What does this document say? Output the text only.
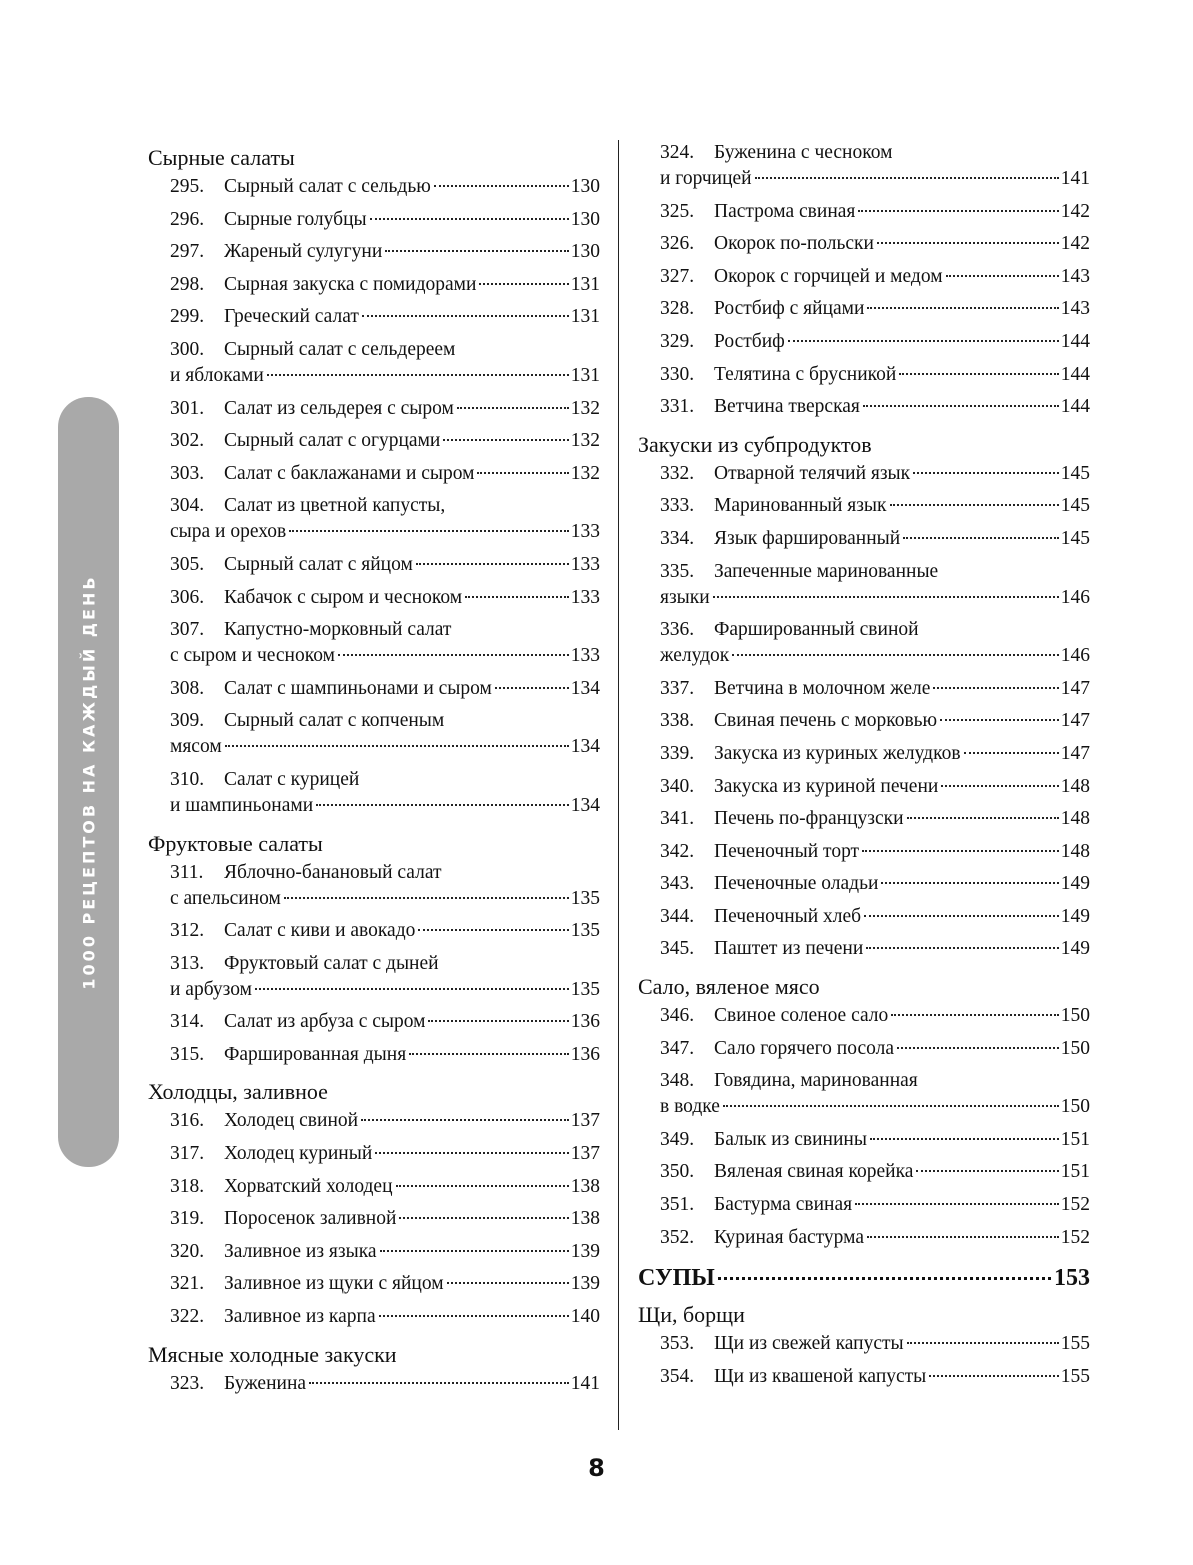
1000 РЕЦЕПТОВ НА КАЖДЫЙ ДЕНЬ
Сырные салаты
295.	Сырный салат с сельдью	130
296.	Сырные голубцы	130
297.	Жареный сулугуни	130
298.	Сырная закуска с помидорами	131
299.	Греческий салат	131
300. Сырный салат с сельдереем
и яблоками	131
301.	Салат из сельдерея с сыром	132
302.	Сырный салат с огурцами	132
303.	Салат с баклажанами и сыром	132
304. Салат из цветной капусты,
сыра и орехов	133
305.	Сырный салат с яйцом	133
306.	Кабачок с сыром и чесноком	133
307. Капустно-морковный салат
с сыром и чесноком	133
308.	Салат с шампиньонами и сыром	134
309. Сырный салат с копченым
мясом	134
310. Салат с курицей
и шампиньонами	134
Фруктовые салаты
311. Яблочно-банановый салат
с апельсином	135
312.	Салат с киви и авокадо	135
313. Фруктовый салат с дыней
и арбузом	135
314.	Салат из арбуза с сыром	136
315.	Фаршированная дыня	136
Холодцы, заливное
316.	Холодец свиной	137
317.	Холодец куриный	137
318.	Хорватский холодец	138
319.	Поросенок заливной	138
320.	Заливное из языка	139
321.	Заливное из щуки с яйцом	139
322.	Заливное из карпа	140
Мясные холодные закуски
323.	Буженина	141
324. Буженина с чесноком
и горчицей	141
325.	Пастрома свиная	142
326.	Окорок по-польски	142
327.	Окорок с горчицей и медом	143
328.	Ростбиф с яйцами	143
329.	Ростбиф	144
330.	Телятина с брусникой	144
331.	Ветчина тверская	144
Закуски из субпродуктов
332.	Отварной телячий язык	145
333.	Маринованный язык	145
334.	Язык фаршированный	145
335. Запеченные маринованные
языки	146
336. Фаршированный свиной
желудок	146
337.	Ветчина в молочном желе	147
338.	Свиная печень с морковью	147
339.	Закуска из куриных желудков	147
340.	Закуска из куриной печени	148
341.	Печень по-французски	148
342.	Печеночный торт	148
343.	Печеночные оладьи	149
344.	Печеночный хлеб	149
345.	Паштет из печени	149
Сало, вяленое мясо
346.	Свиное соленое сало	150
347.	Сало горячего посола	150
348. Говядина, маринованная
в водке	150
349.	Балык из свинины	151
350.	Вяленая свиная корейка	151
351.	Бастурма свиная	152
352.	Куриная бастурма	152
СУПЫ	153
Щи, борщи
353.	Щи из свежей капусты	155
354.	Щи из квашеной капусты	155
8
